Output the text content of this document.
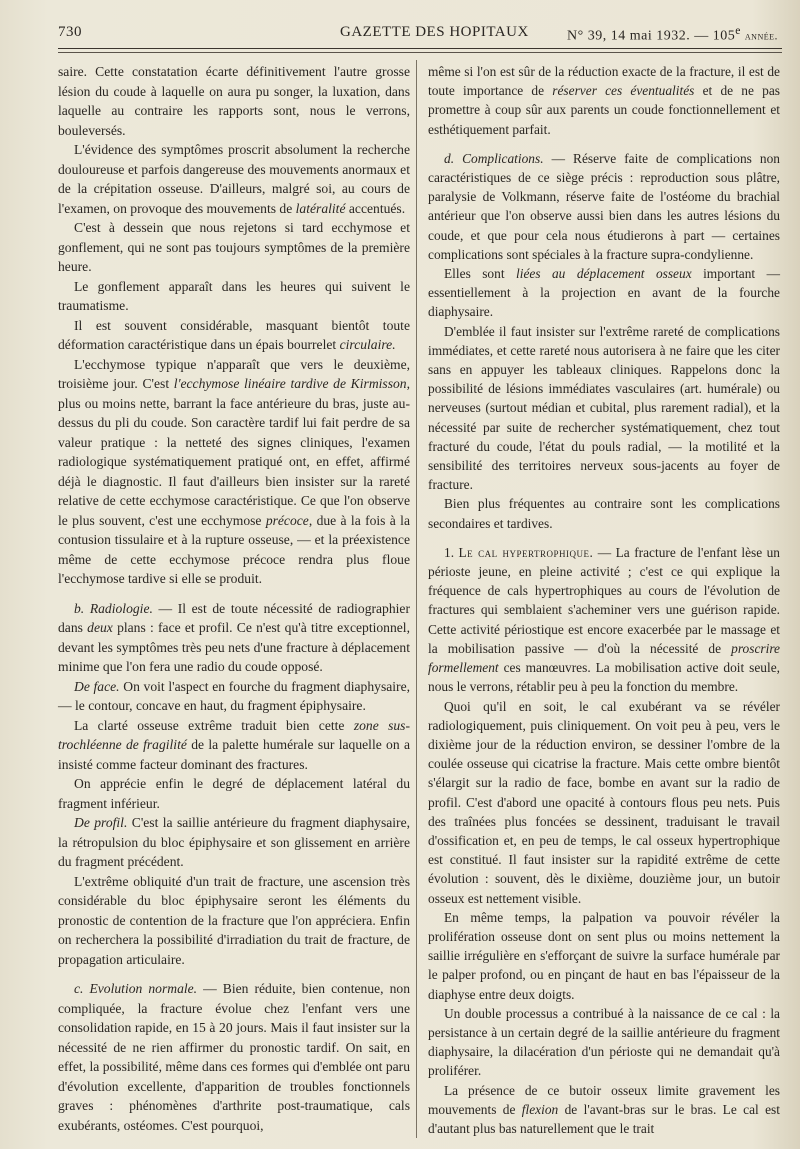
730	GAZETTE DES HOPITAUX	N° 39, 14 mai 1932. — 105e année.

saire. Cette constatation écarte définitivement l'autre grosse lésion du coude à laquelle on aura pu songer, la luxation, dans laquelle au contraire les rapports sont, nous le verrons, bouleversés.

L'évidence des symptômes proscrit absolument la recherche douloureuse et parfois dangereuse des mouvements anormaux et de la crépitation osseuse. D'ailleurs, malgré soi, au cours de l'examen, on provoque des mouvements de latéralité accentués.

C'est à dessein que nous rejetons si tard ecchymose et gonflement, qui ne sont pas toujours symptômes de la première heure.

Le gonflement apparaît dans les heures qui suivent le traumatisme.

Il est souvent considérable, masquant bientôt toute déformation caractéristique dans un épais bourrelet circulaire.

L'ecchymose typique n'apparaît que vers le deuxième, troisième jour. C'est l'ecchymose linéaire tardive de Kirmisson, plus ou moins nette, barrant la face antérieure du bras, juste au-dessus du pli du coude. Son caractère tardif lui fait perdre de sa valeur pratique : la netteté des signes cliniques, l'examen radiologique systématiquement pratiqué ont, en effet, affirmé déjà le diagnostic. Il faut d'ailleurs bien insister sur la rareté relative de cette ecchymose caractéristique. Ce que l'on observe le plus souvent, c'est une ecchymose précoce, due à la fois à la contusion tissulaire et à la rupture osseuse, — et la préexistence même de cette ecchymose précoce rendra plus floue l'ecchymose tardive si elle se produit.

b. Radiologie. — Il est de toute nécessité de radiographier dans deux plans : face et profil. Ce n'est qu'à titre exceptionnel, devant les symptômes très peu nets d'une fracture à déplacement minime que l'on fera une radio du coude opposé.

De face. On voit l'aspect en fourche du fragment diaphysaire, — le contour, concave en haut, du fragment épiphysaire.

La clarté osseuse extrême traduit bien cette zone sus-trochléenne de fragilité de la palette humérale sur laquelle on a insisté comme facteur dominant des fractures.

On apprécie enfin le degré de déplacement latéral du fragment inférieur.

De profil. C'est la saillie antérieure du fragment diaphysaire, la rétropulsion du bloc épiphysaire et son glissement en arrière du fragment précédent.

L'extrême obliquité d'un trait de fracture, une ascension très considérable du bloc épiphysaire seront les éléments du pronostic de contention de la fracture que l'on appréciera. Enfin on recherchera la possibilité d'irradiation du trait de fracture, de propagation articulaire.

c. Evolution normale. — Bien réduite, bien contenue, non compliquée, la fracture évolue chez l'enfant vers une consolidation rapide, en 15 à 20 jours. Mais il faut insister sur la nécessité de ne rien affirmer du pronostic tardif. On sait, en effet, la possibilité, même dans ces formes qui d'emblée ont paru d'évolution excellente, d'apparition de troubles fonctionnels graves : phénomènes d'arthrite post-traumatique, cals exubérants, ostéomes. C'est pourquoi,

même si l'on est sûr de la réduction exacte de la fracture, il est de toute importance de réserver ces éventualités et de ne pas promettre à coup sûr aux parents un coude fonctionnellement et esthétiquement parfait.

d. Complications. — Réserve faite de complications non caractéristiques de ce siège précis : reproduction sous plâtre, paralysie de Volkmann, réserve faite de l'ostéome du brachial antérieur que l'on observe aussi bien dans les autres lésions du coude, et que pour cela nous étudierons à part — certaines complications sont spéciales à la fracture supra-condylienne.

Elles sont liées au déplacement osseux important — essentiellement à la projection en avant de la fourche diaphysaire.

D'emblée il faut insister sur l'extrême rareté de complications immédiates, et cette rareté nous autorisera à ne faire que les citer sans en appuyer les tableaux cliniques. Rappelons donc la possibilité de lésions immédiates vasculaires (art. humérale) ou nerveuses (surtout médian et cubital, plus rarement radial), et la nécessité par suite de rechercher systématiquement, chez tout fracturé du coude, l'état du pouls radial, — la motilité et la sensibilité des territoires nerveux sous-jacents au foyer de fracture.

Bien plus fréquentes au contraire sont les complications secondaires et tardives.

1. Le cal hypertrophique. — La fracture de l'enfant lèse un périoste jeune, en pleine activité ; c'est ce qui explique la fréquence de cals hypertrophiques au cours de l'évolution de fractures qui semblaient s'acheminer vers une guérison rapide. Cette activité périostique est encore exacerbée par le massage et la mobilisation passive — d'où la nécessité de proscrire formellement ces manœuvres. La mobilisation active doit seule, nous le verrons, rétablir peu à peu la fonction du membre.

Quoi qu'il en soit, le cal exubérant va se révéler radiologiquement, puis cliniquement. On voit peu à peu, vers le dixième jour de la réduction environ, se dessiner l'ombre de la coulée osseuse qui cicatrise la fracture. Mais cette ombre bientôt s'élargit sur la radio de face, bombe en avant sur la radio de profil. C'est d'abord une opacité à contours flous peu nets. Puis des traînées plus foncées se dessinent, traduisant le travail d'ossification et, en peu de temps, le cal osseux hypertrophique est constitué. Il faut insister sur la rapidité extrême de cette évolution : souvent, dès le dixième, douzième jour, un butoir osseux est nettement visible.

En même temps, la palpation va pouvoir révéler la prolifération osseuse dont on sent plus ou moins nettement la saillie irrégulière en s'efforçant de suivre la surface humérale par le palper profond, ou en pinçant de haut en bas l'épaisseur de la diaphyse entre deux doigts.

Un double processus a contribué à la naissance de ce cal : la persistance à un certain degré de la saillie antérieure du fragment diaphysaire, la dilacération d'un périoste qui ne demandait qu'à proliférer.

La présence de ce butoir osseux limite gravement les mouvements de flexion de l'avant-bras sur le bras. Le cal est d'autant plus bas naturellement que le trait
